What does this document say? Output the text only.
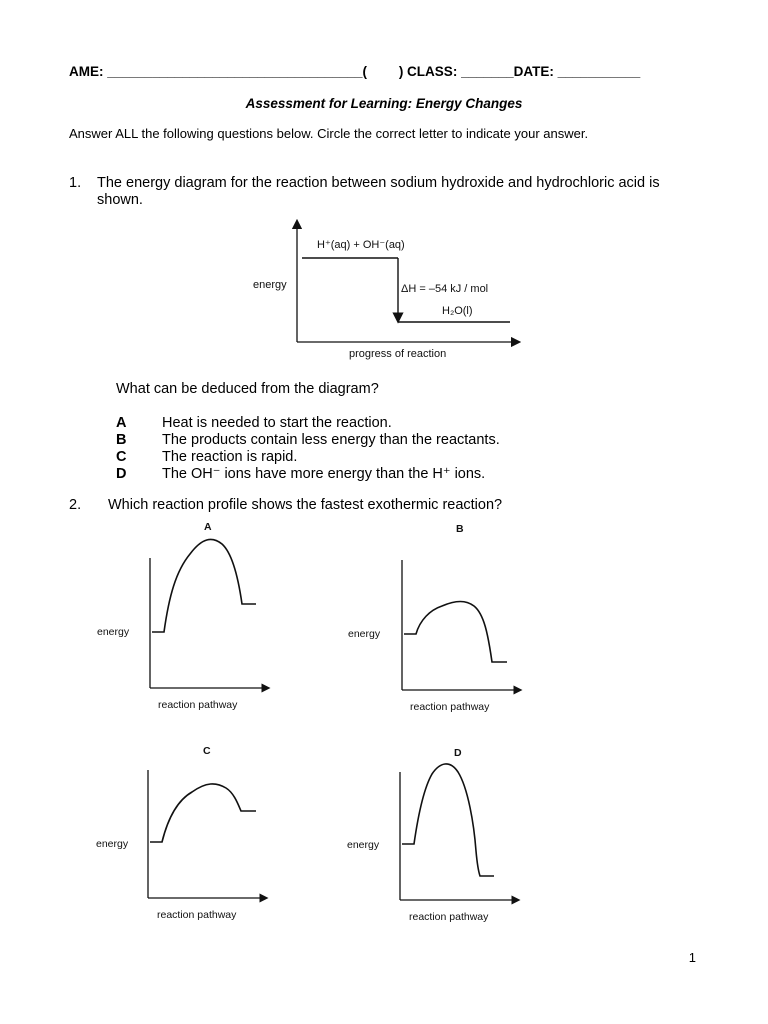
AME: __________________________________( ) CLASS: _______DATE: ___________
Assessment for Learning: Energy Changes
Answer ALL the following questions below. Circle the correct letter to indicate your answer.
1. The energy diagram for the reaction between sodium hydroxide and hydrochloric acid is
shown.
H⁺(aq) + OH⁻(aq)
energy	ΔH = –54 kJ / mol
H₂O(l)
progress of reaction
What can be deduced from the diagram?
A Heat is needed to start the reaction.
B The products contain less energy than the reactants.
C The reaction is rapid.
D The OH⁻ ions have more energy than the H⁺ ions.
2. Which reaction profile shows the fastest exothermic reaction?
A
energy
reaction pathway
B
energy
reaction pathway
C
energy
reaction pathway
D
energy
reaction pathway
1
